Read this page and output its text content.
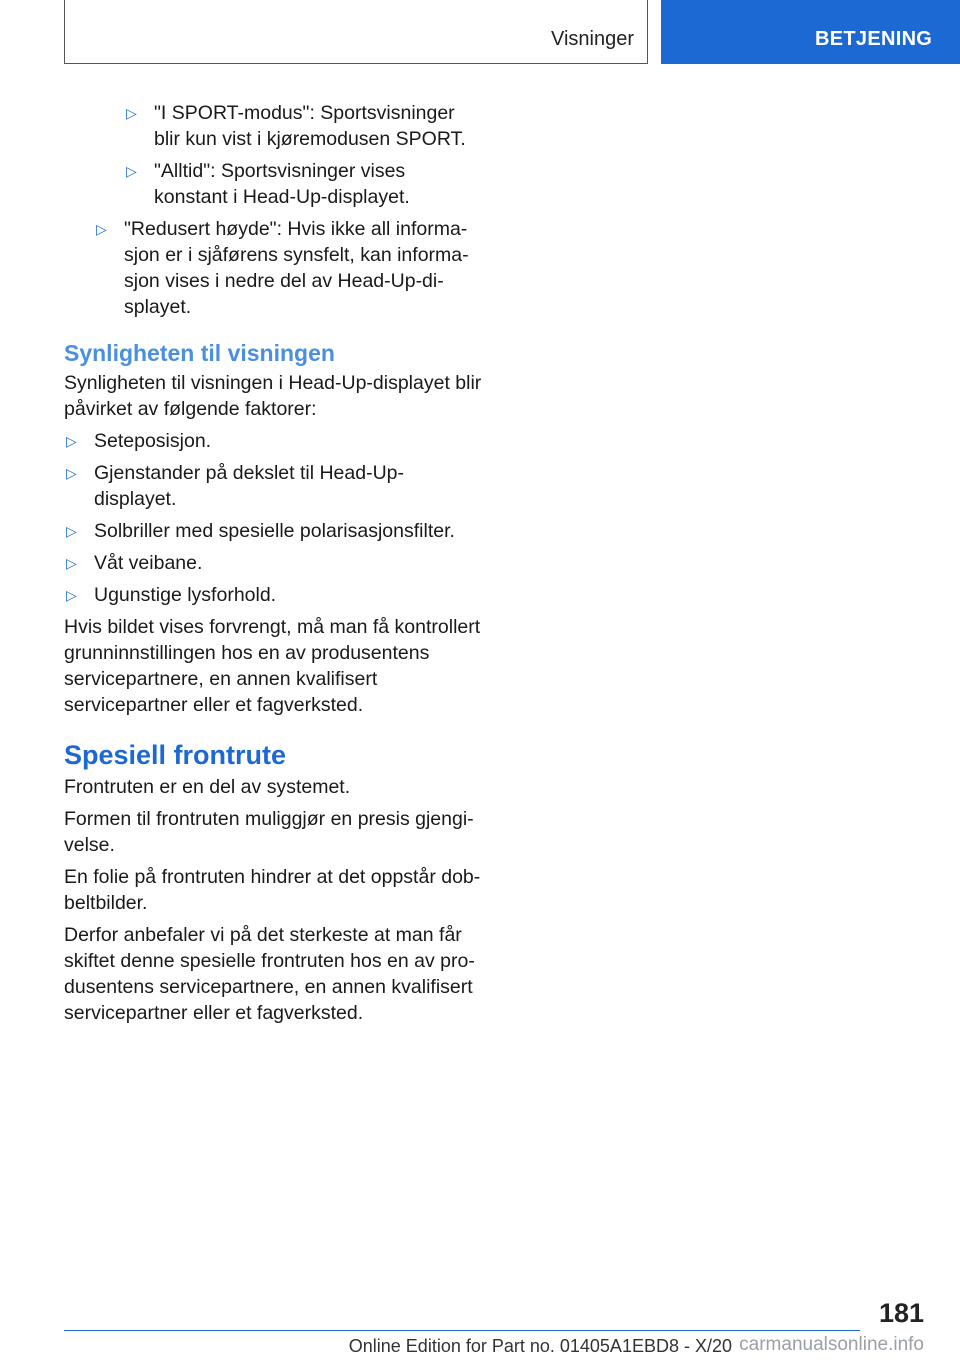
Visninger	BETJENING
▷ "I SPORT-modus": Sportsvisninger blir kun vist i kjøremodusen SPORT.
▷ "Alltid": Sportsvisninger vises konstant i Head-Up-displayet.
▷ "Redusert høyde": Hvis ikke all informasjon er i sjåførens synsfelt, kan informasjon vises i nedre del av Head-Up-displayet.
Synligheten til visningen

Synligheten til visningen i Head-Up-displayet blir påvirket av følgende faktorer:

▷ Seteposisjon.
▷ Gjenstander på dekslet til Head-Up-displayet.
▷ Solbriller med spesielle polarisasjonsfilter.
▷ Våt veibane.
▷ Ugunstige lysforhold.

Hvis bildet vises forvrengt, må man få kontrollert grunninnstillingen hos en av produsentens servicepartnere, en annen kvalifisert servicepartner eller et fagverksted.

Spesiell frontrute

Frontruten er en del av systemet.

Formen til frontruten muliggjør en presis gjengivelse.

En folie på frontruten hindrer at det oppstår dobbeltbilder.

Derfor anbefaler vi på det sterkeste at man får skiftet denne spesielle frontruten hos en av produsentens servicepartnere, en annen kvalifisert servicepartner eller et fagverksted.

181
Online Edition for Part no. 01405A1EBD8 - X/20 carmanualsonline.info
